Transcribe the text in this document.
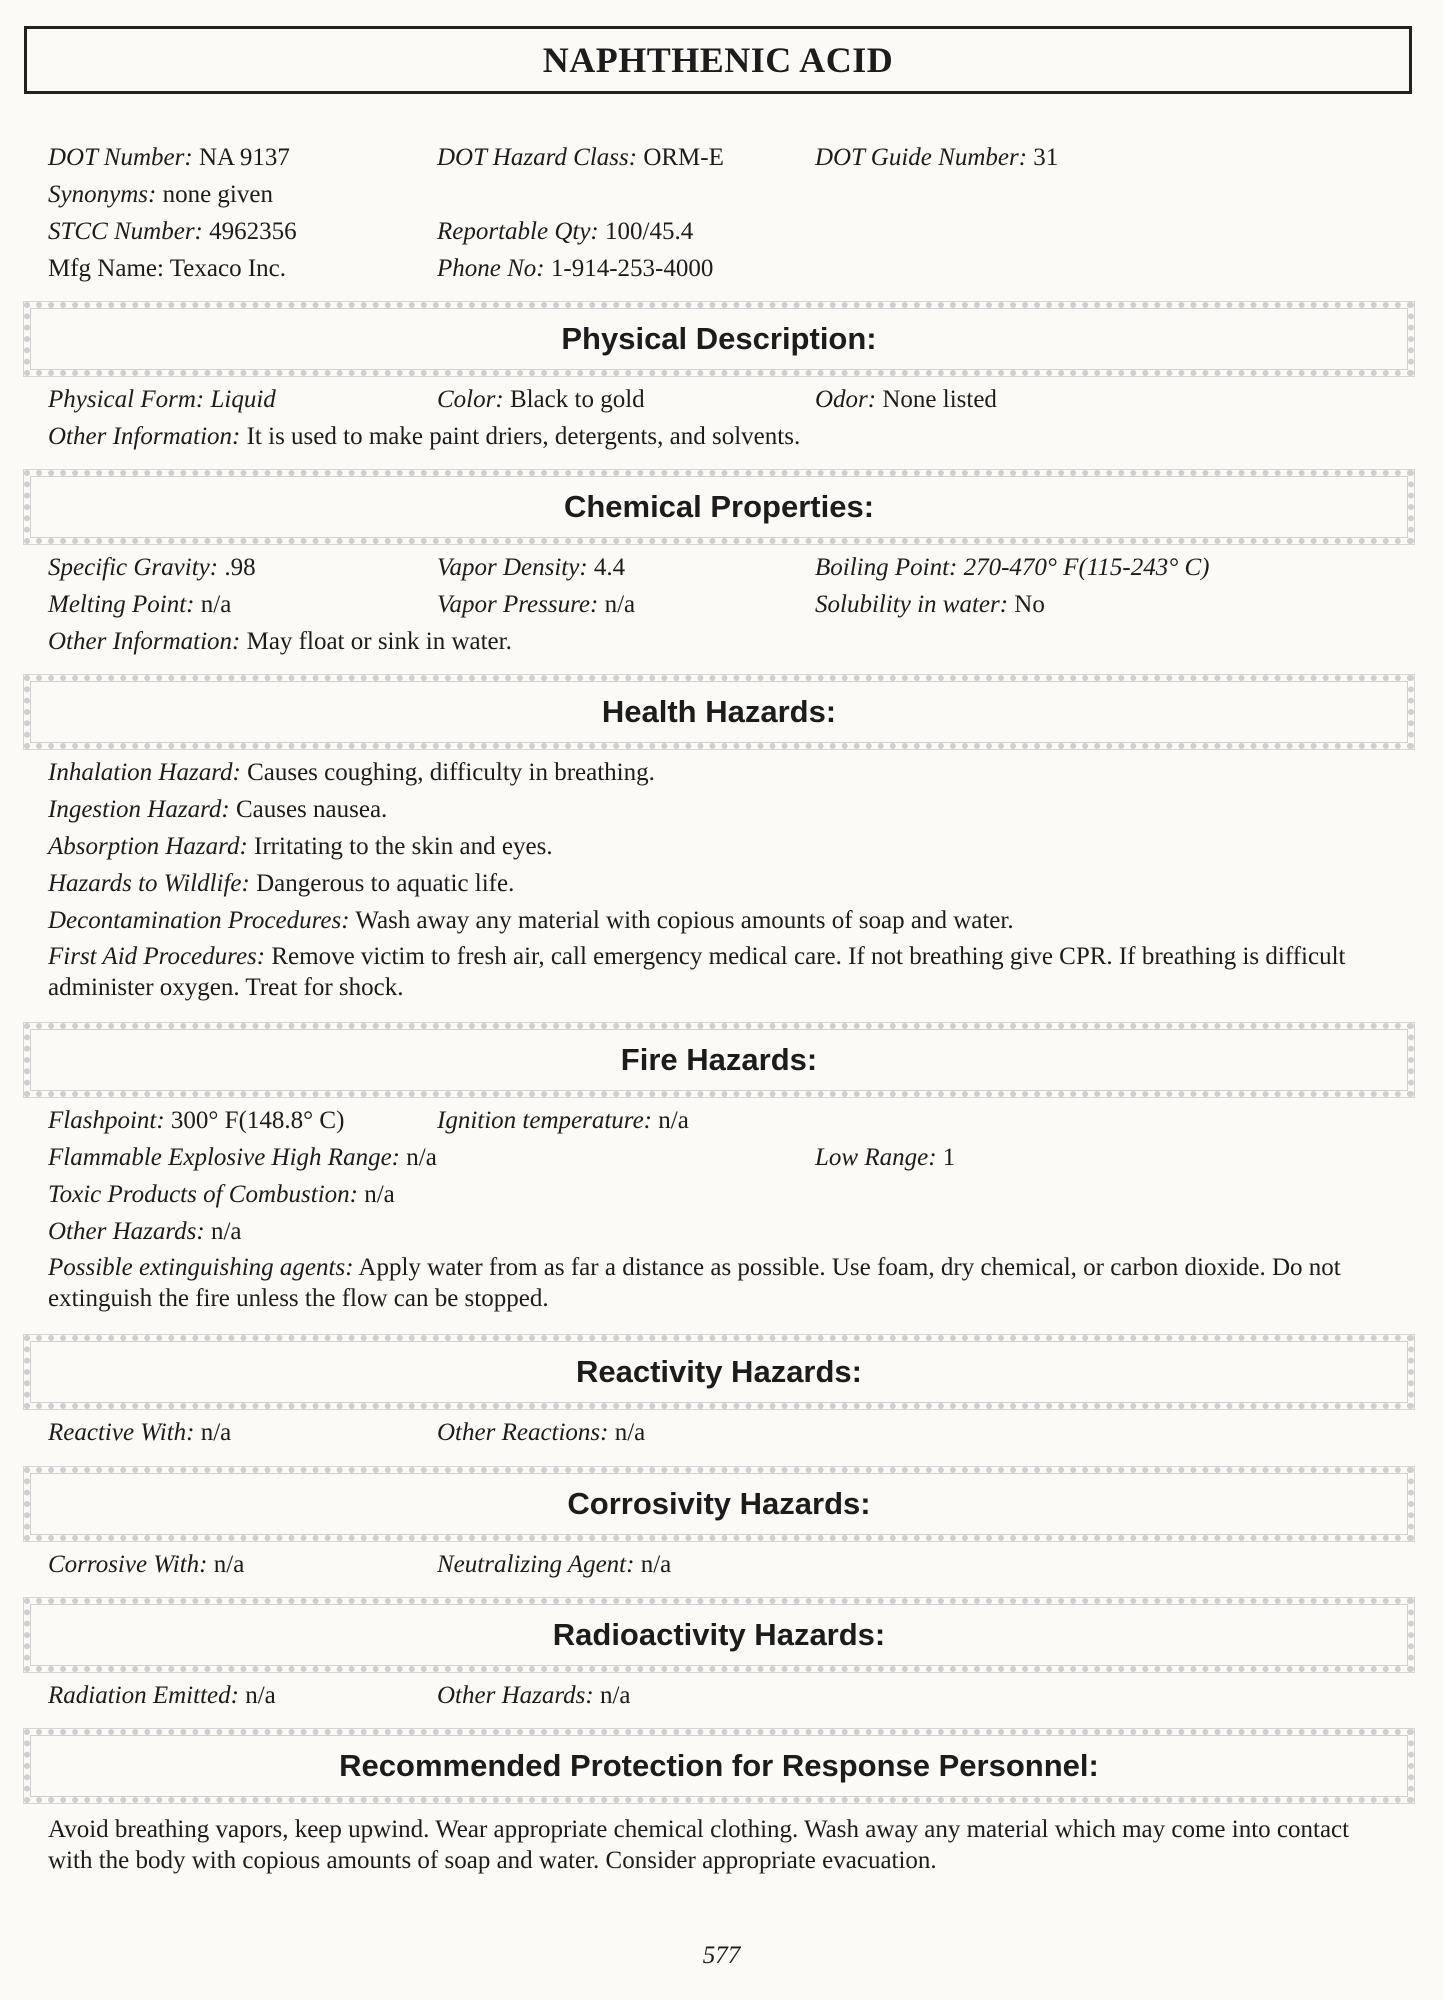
NAPHTHENIC ACID
DOT Number: NA 9137	DOT Hazard Class: ORM-E	DOT Guide Number: 31
Synonyms: none given
STCC Number: 4962356	Reportable Qty: 100/45.4
Mfg Name: Texaco Inc.	Phone No: 1-914-253-4000
Physical Description:
Physical Form: Liquid	Color: Black to gold	Odor: None listed
Other Information: It is used to make paint driers, detergents, and solvents.
Chemical Properties:
Specific Gravity: .98	Vapor Density: 4.4	Boiling Point: 270-470° F(115-243° C)
Melting Point: n/a	Vapor Pressure: n/a	Solubility in water: No
Other Information: May float or sink in water.
Health Hazards:
Inhalation Hazard: Causes coughing, difficulty in breathing.
Ingestion Hazard: Causes nausea.
Absorption Hazard: Irritating to the skin and eyes.
Hazards to Wildlife: Dangerous to aquatic life.
Decontamination Procedures: Wash away any material with copious amounts of soap and water.
First Aid Procedures: Remove victim to fresh air, call emergency medical care. If not breathing give CPR. If breathing is difficult administer oxygen. Treat for shock.
Fire Hazards:
Flashpoint: 300° F(148.8° C)	Ignition temperature: n/a
Flammable Explosive High Range: n/a	Low Range: 1
Toxic Products of Combustion: n/a
Other Hazards: n/a
Possible extinguishing agents: Apply water from as far a distance as possible. Use foam, dry chemical, or carbon dioxide. Do not extinguish the fire unless the flow can be stopped.
Reactivity Hazards:
Reactive With: n/a	Other Reactions: n/a
Corrosivity Hazards:
Corrosive With: n/a	Neutralizing Agent: n/a
Radioactivity Hazards:
Radiation Emitted: n/a	Other Hazards: n/a
Recommended Protection for Response Personnel:
Avoid breathing vapors, keep upwind. Wear appropriate chemical clothing. Wash away any material which may come into contact with the body with copious amounts of soap and water. Consider appropriate evacuation.
577
